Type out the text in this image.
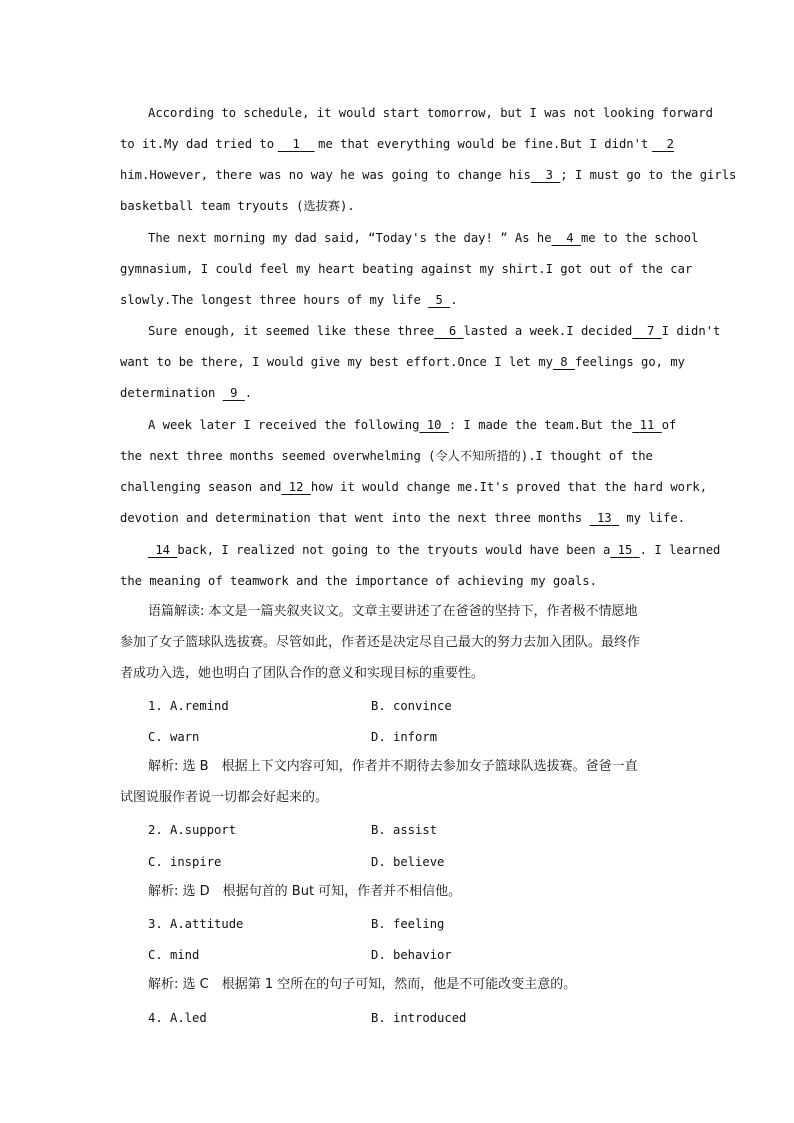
According to schedule, it would start tomorrow, but I was not looking forward
to it.My dad tried to	1	me that everything would be fine.But I didn't	2
him.However, there was no way he was going to change his	3 ; I must go to the girls
basketball team tryouts (选拔赛).
The next morning my dad said, “Today's the day! ” As he	4 me to the school
gymnasium, I could feel my heart beating against my shirt.I got out of the car
slowly.The longest three hours of my life
	5 .
Sure enough, it seemed like these three	6 lasted a week.I decided	7 I didn't
want to be there, I would give my best effort.Once I let my 8 feelings go, my
determination
	9 .
A week later I received the following 10 : I made the team.But the 11 of
the next three months seemed overwhelming (令人不知所措的).I thought of the
challenging season and 12 how it would change me.It's proved that the hard work,
devotion and determination that went into the next three months
	13
	my life.
14 back, I realized not going to the tryouts would have been a 15 . I learned
the meaning of teamwork and the importance of achieving my goals.
语篇解读: 本文是一篇夹叙夹议文。文章主要讲述了在爸爸的坚持下，作者极不情愿地
参加了女子篮球队选拔赛。尽管如此，作者还是决定尽自己最大的努力去加入团队。最终作
者成功入选，她也明白了团队合作的意义和实现目标的重要性。
1. A.remind	B. convince
C. warn	D. inform
解析: 选 B　根据上下文内容可知，作者并不期待去参加女子篮球队选拔赛。爸爸一直
试图说服作者说一切都会好起来的。
2. A.support	B. assist
C. inspire	D. believe
解析: 选 D　根据句首的 But 可知，作者并不相信他。
3. A.attitude	B. feeling
C. mind	D. behavior
解析: 选 C　根据第 1 空所在的句子可知，然而，他是不可能改变主意的。
4. A.led	B. introduced
